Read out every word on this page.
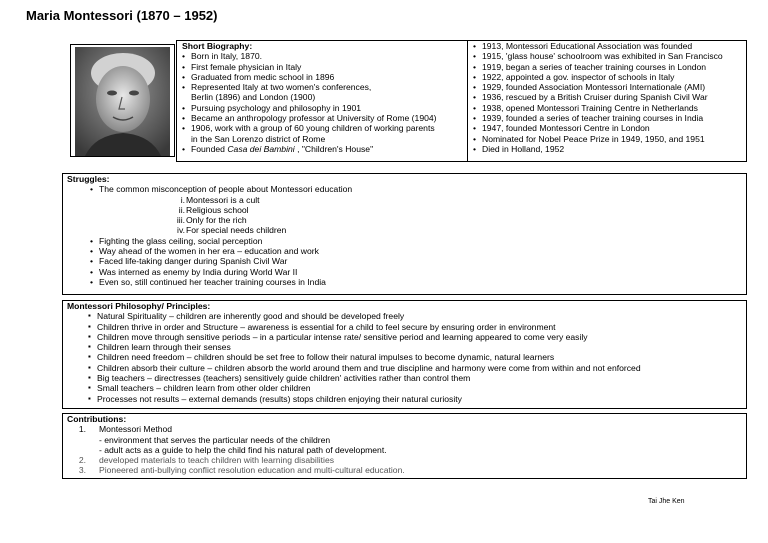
Maria Montessori (1870 – 1952)
Short Biography:
• Born in Italy, 1870.
• First female physician in Italy
• Graduated from medic school in 1896
• Represented Italy at two women's conferences,
Berlin (1896) and London (1900)
• Pursuing psychology and philosophy in 1901
• Became an anthropology professor at University of Rome (1904)
• 1906, work with a group of 60 young children of working parents
in the San Lorenzo district of Rome
• Founded Casa dei Bambini , "Children's House"
• 1913, Montessori Educational Association was founded
• 1915, 'glass house' schoolroom was exhibited in San Francisco
• 1919, began a series of teacher training courses in London
• 1922, appointed a gov. inspector of schools in Italy
• 1929, founded Association Montessori Internationale (AMI)
• 1936, rescued by a British Cruiser during Spanish Civil War
• 1938, opened Montessori Training Centre in Netherlands
• 1939, founded a series of teacher training courses in India
• 1947, founded Montessori Centre in London
• Nominated for Nobel Peace Prize in 1949, 1950, and 1951
• Died in Holland, 1952
Struggles:
• The common misconception of people about Montessori education
i. Montessori is a cult
ii. Religious school
iii. Only for the rich
iv. For special needs children
• Fighting the glass ceiling, social perception
• Way ahead of the women in her era – education and work
• Faced life-taking danger during Spanish Civil War
• Was interned as enemy by India during World War II
• Even so, still continued her teacher training courses in India
Montessori Philosophy/ Principles:
▪ Natural Spirituality – children are inherently good and should be developed freely
▪ Children thrive in order and Structure – awareness is essential for a child to feel secure by ensuring order in environment
▪ Children move through sensitive periods – in a particular intense rate/ sensitive period and learning appeared to come very easily
▪ Children learn through their senses
▪ Children need freedom – children should be set free to follow their natural impulses to become dynamic, natural learners
▪ Children absorb their culture – children absorb the world around them and true discipline and harmony were come from within and not enforced
▪ Big teachers – directresses (teachers) sensitively guide children' activities rather than control them
▪ Small teachers – children learn from other older children
▪ Processes not results – external demands (results) stops children enjoying their natural curiosity
Contributions:
1. Montessori Method
- environment that serves the particular needs of the children
- adult acts as a guide to help the child find his natural path of development.
2. developed materials to teach children with learning disabilities
3. Pioneered anti-bullying conflict resolution education and multi-cultural education.
Tai Jhe Ken
